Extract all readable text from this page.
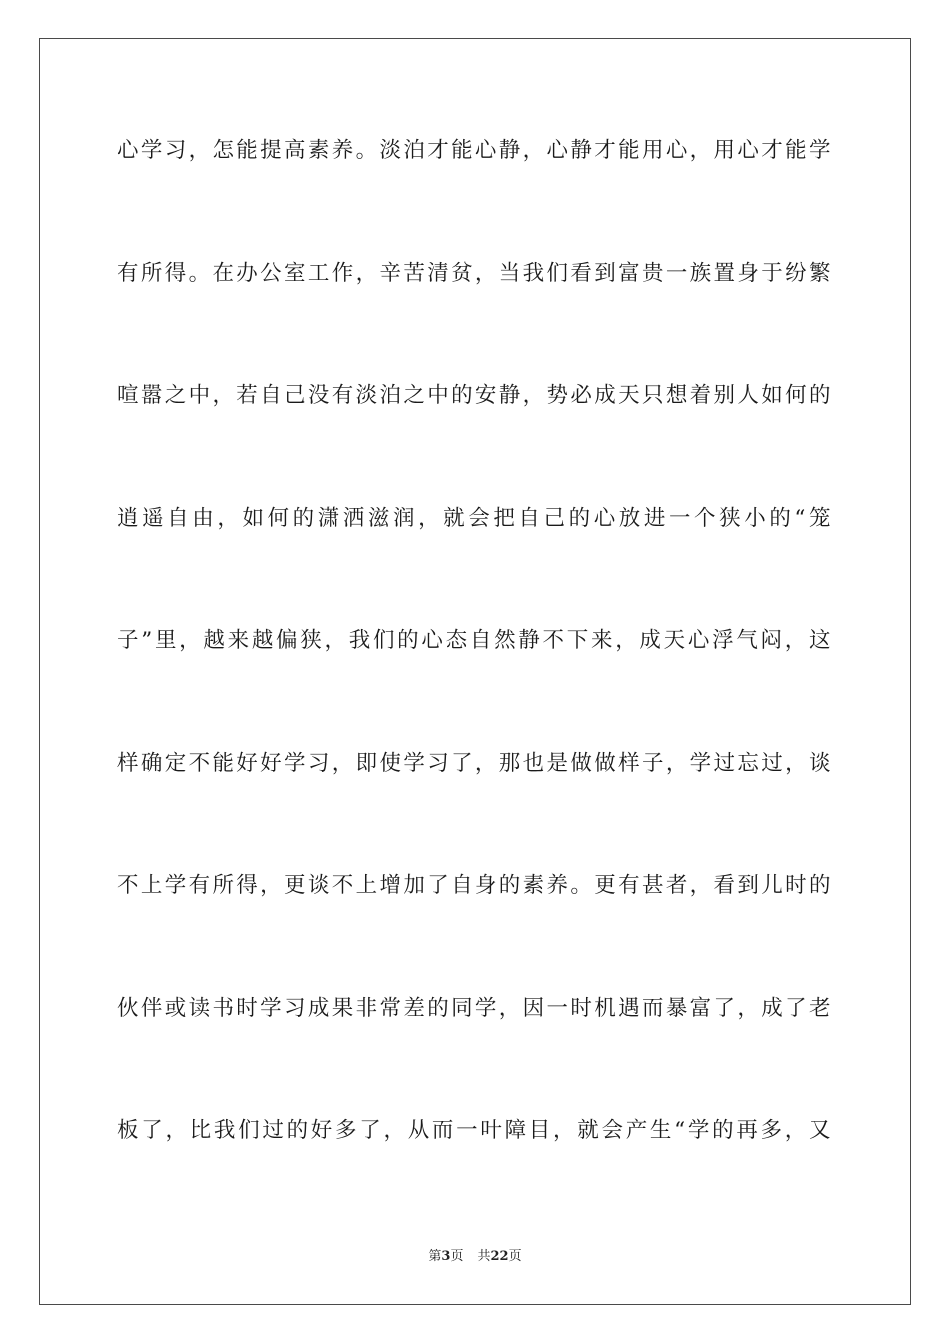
心学习，怎能提高素养。淡泊才能心静，心静才能用心，用心才能学
有所得。在办公室工作，辛苦清贫，当我们看到富贵一族置身于纷繁
喧嚣之中，若自己没有淡泊之中的安静，势必成天只想着别人如何的
逍遥自由，如何的潇洒滋润，就会把自己的心放进一个狭小的“笼
子”里，越来越偏狭，我们的心态自然静不下来，成天心浮气闷，这
样确定不能好好学习，即使学习了，那也是做做样子，学过忘过，谈
不上学有所得，更谈不上增加了自身的素养。更有甚者，看到儿时的
伙伴或读书时学习成果非常差的同学，因一时机遇而暴富了，成了老
板了，比我们过的好多了，从而一叶障目，就会产生“学的再多，又
第3页 共22页
